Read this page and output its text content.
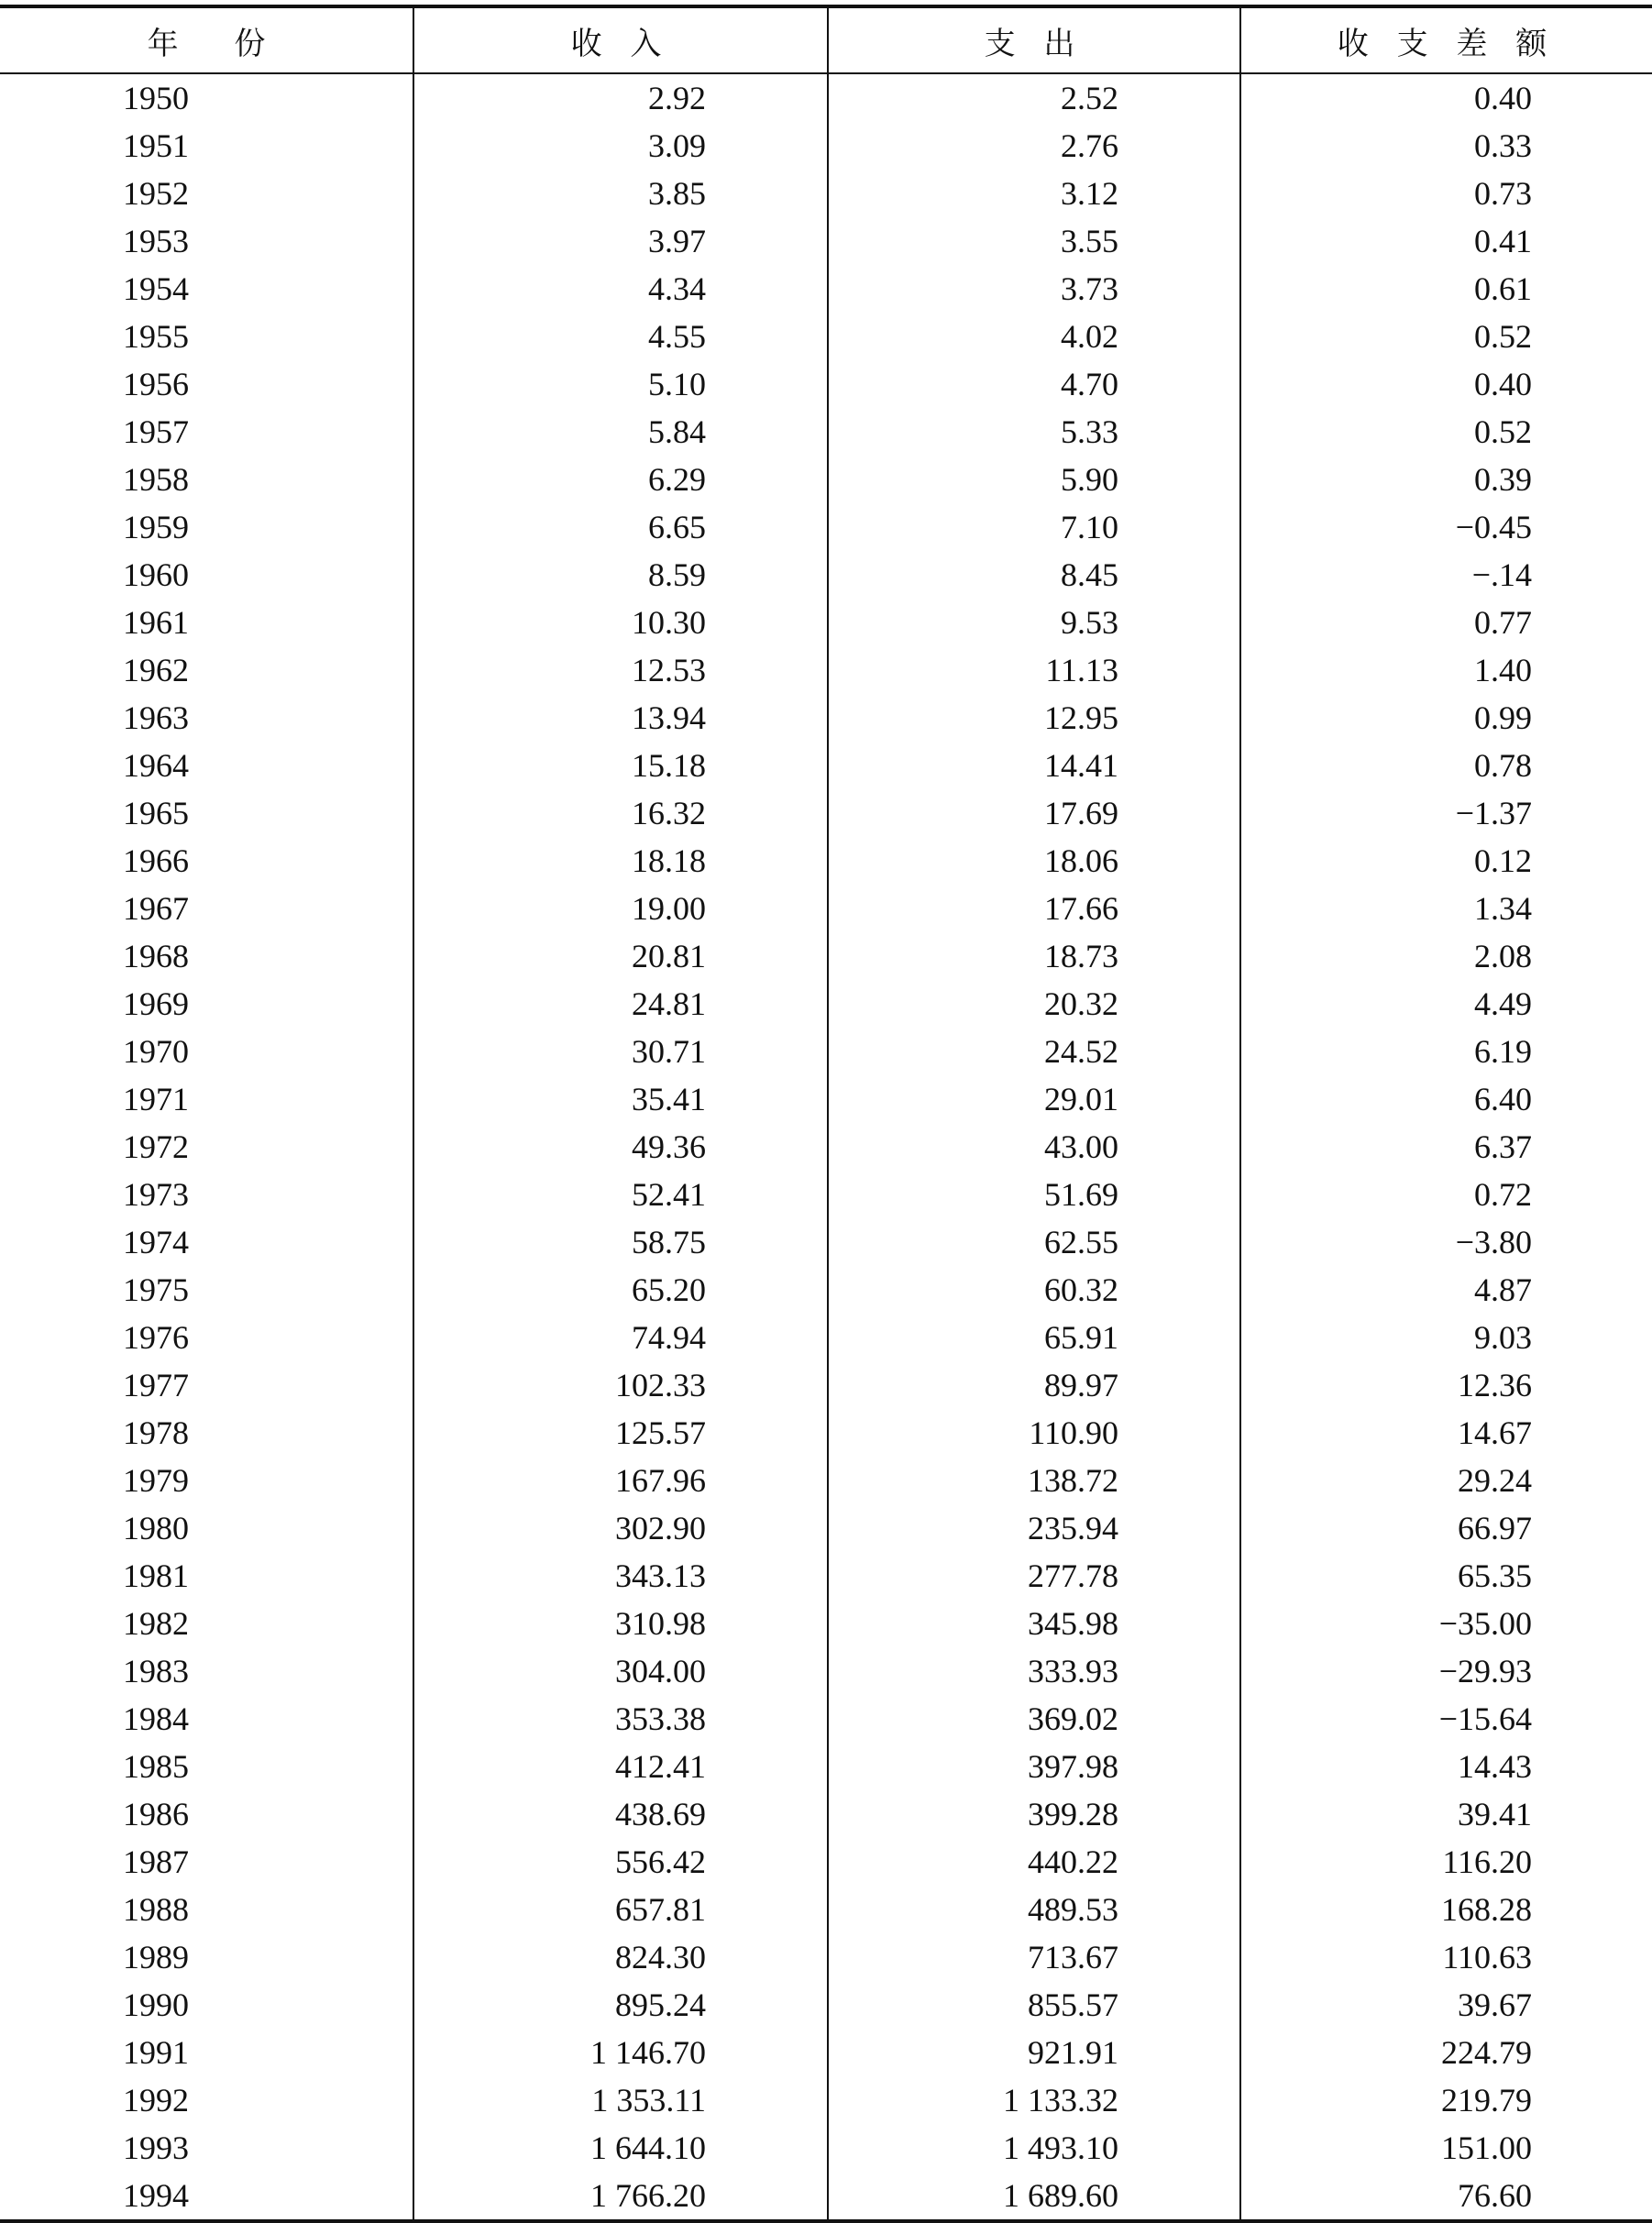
年 份	收 入	支 出	收 支 差 额
1950	2.92	2.52	0.40
1951	3.09	2.76	0.33
1952	3.85	3.12	0.73
1953	3.97	3.55	0.41
1954	4.34	3.73	0.61
1955	4.55	4.02	0.52
1956	5.10	4.70	0.40
1957	5.84	5.33	0.52
1958	6.29	5.90	0.39
1959	6.65	7.10	−0.45
1960	8.59	8.45	−.14
1961	10.30	9.53	0.77
1962	12.53	11.13	1.40
1963	13.94	12.95	0.99
1964	15.18	14.41	0.78
1965	16.32	17.69	−1.37
1966	18.18	18.06	0.12
1967	19.00	17.66	1.34
1968	20.81	18.73	2.08
1969	24.81	20.32	4.49
1970	30.71	24.52	6.19
1971	35.41	29.01	6.40
1972	49.36	43.00	6.37
1973	52.41	51.69	0.72
1974	58.75	62.55	−3.80
1975	65.20	60.32	4.87
1976	74.94	65.91	9.03
1977	102.33	89.97	12.36
1978	125.57	110.90	14.67
1979	167.96	138.72	29.24
1980	302.90	235.94	66.97
1981	343.13	277.78	65.35
1982	310.98	345.98	−35.00
1983	304.00	333.93	−29.93
1984	353.38	369.02	−15.64
1985	412.41	397.98	14.43
1986	438.69	399.28	39.41
1987	556.42	440.22	116.20
1988	657.81	489.53	168.28
1989	824.30	713.67	110.63
1990	895.24	855.57	39.67
1991	1 146.70	921.91	224.79
1992	1 353.11	1 133.32	219.79
1993	1 644.10	1 493.10	151.00
1994	1 766.20	1 689.60	76.60
